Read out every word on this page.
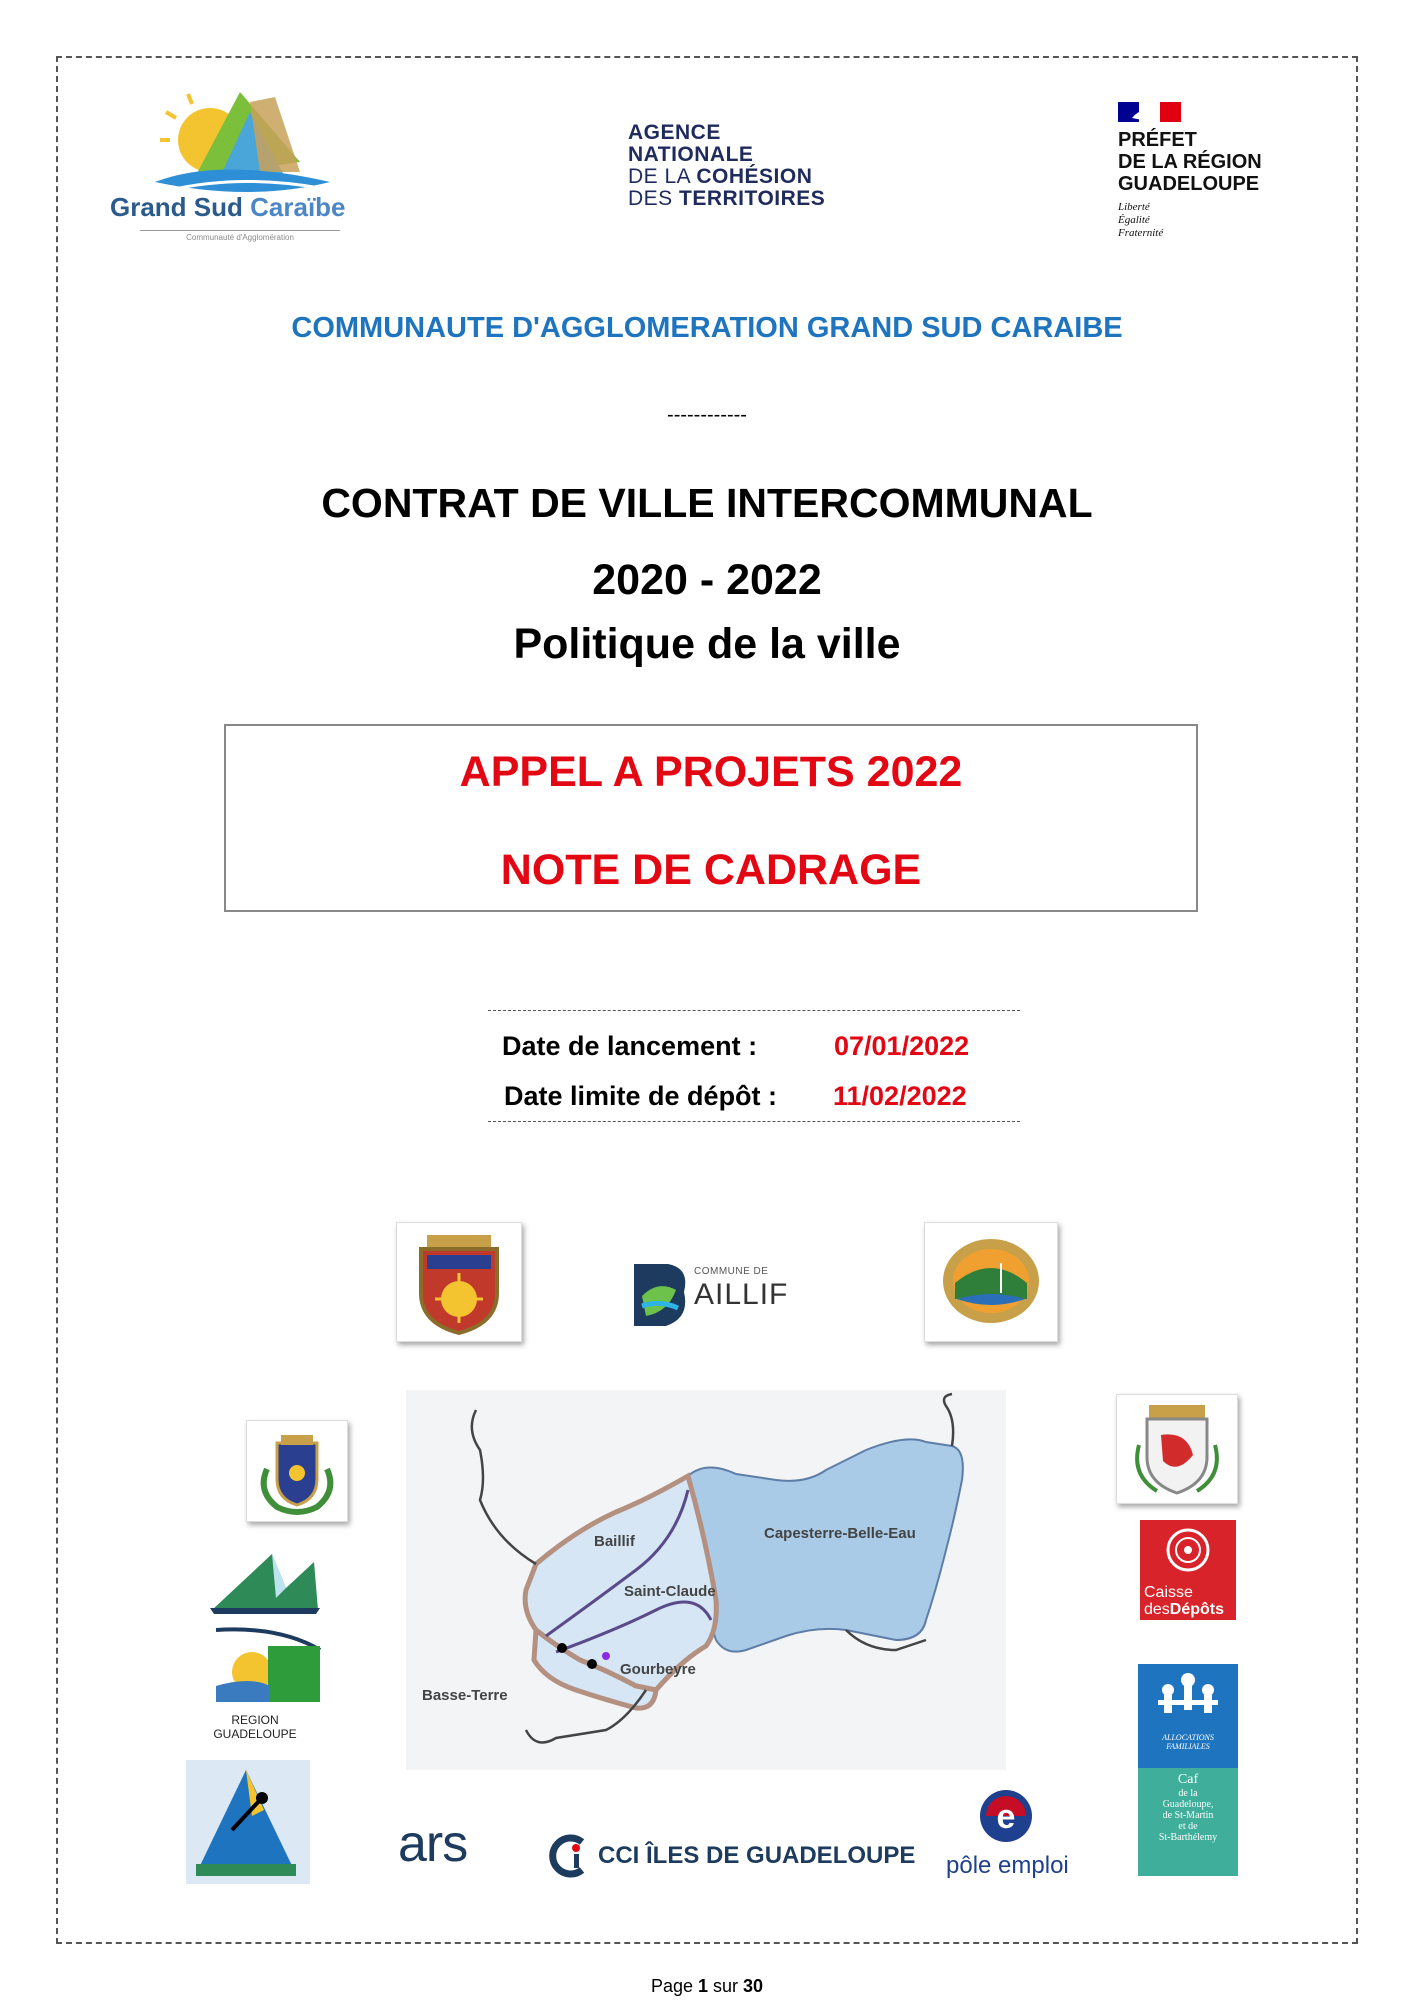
Grand Sud Caraïbe
Communauté d'Agglomération
AGENCE
NATIONALE
DE LA COHÉSION
DES TERRITOIRES
PRÉFET
DE LA RÉGION
GUADELOUPE
Liberté
Égalité
Fraternité
COMMUNAUTE D'AGGLOMERATION GRAND SUD CARAIBE
------------
CONTRAT DE VILLE INTERCOMMUNAL
2020 - 2022
Politique de la ville
APPEL A PROJETS 2022
NOTE DE CADRAGE
Date de lancement :	07/01/2022
Date limite de dépôt : 11/02/2022
COMMUNE DE
AILLIF
REGION
GUADELOUPE
Baillif
Saint-Claude
Capesterre-Belle-Eau
Gourbeyre
Basse-Terre
Caisse
desDépôts
ALLOCATIONS
FAMILIALES
Caf
de la
Guadeloupe,
de St-Martin
et de
St-Barthélemy
ars	CCI ÎLES DE GUADELOUPE
e
pôle emploi
Page 1 sur 30
